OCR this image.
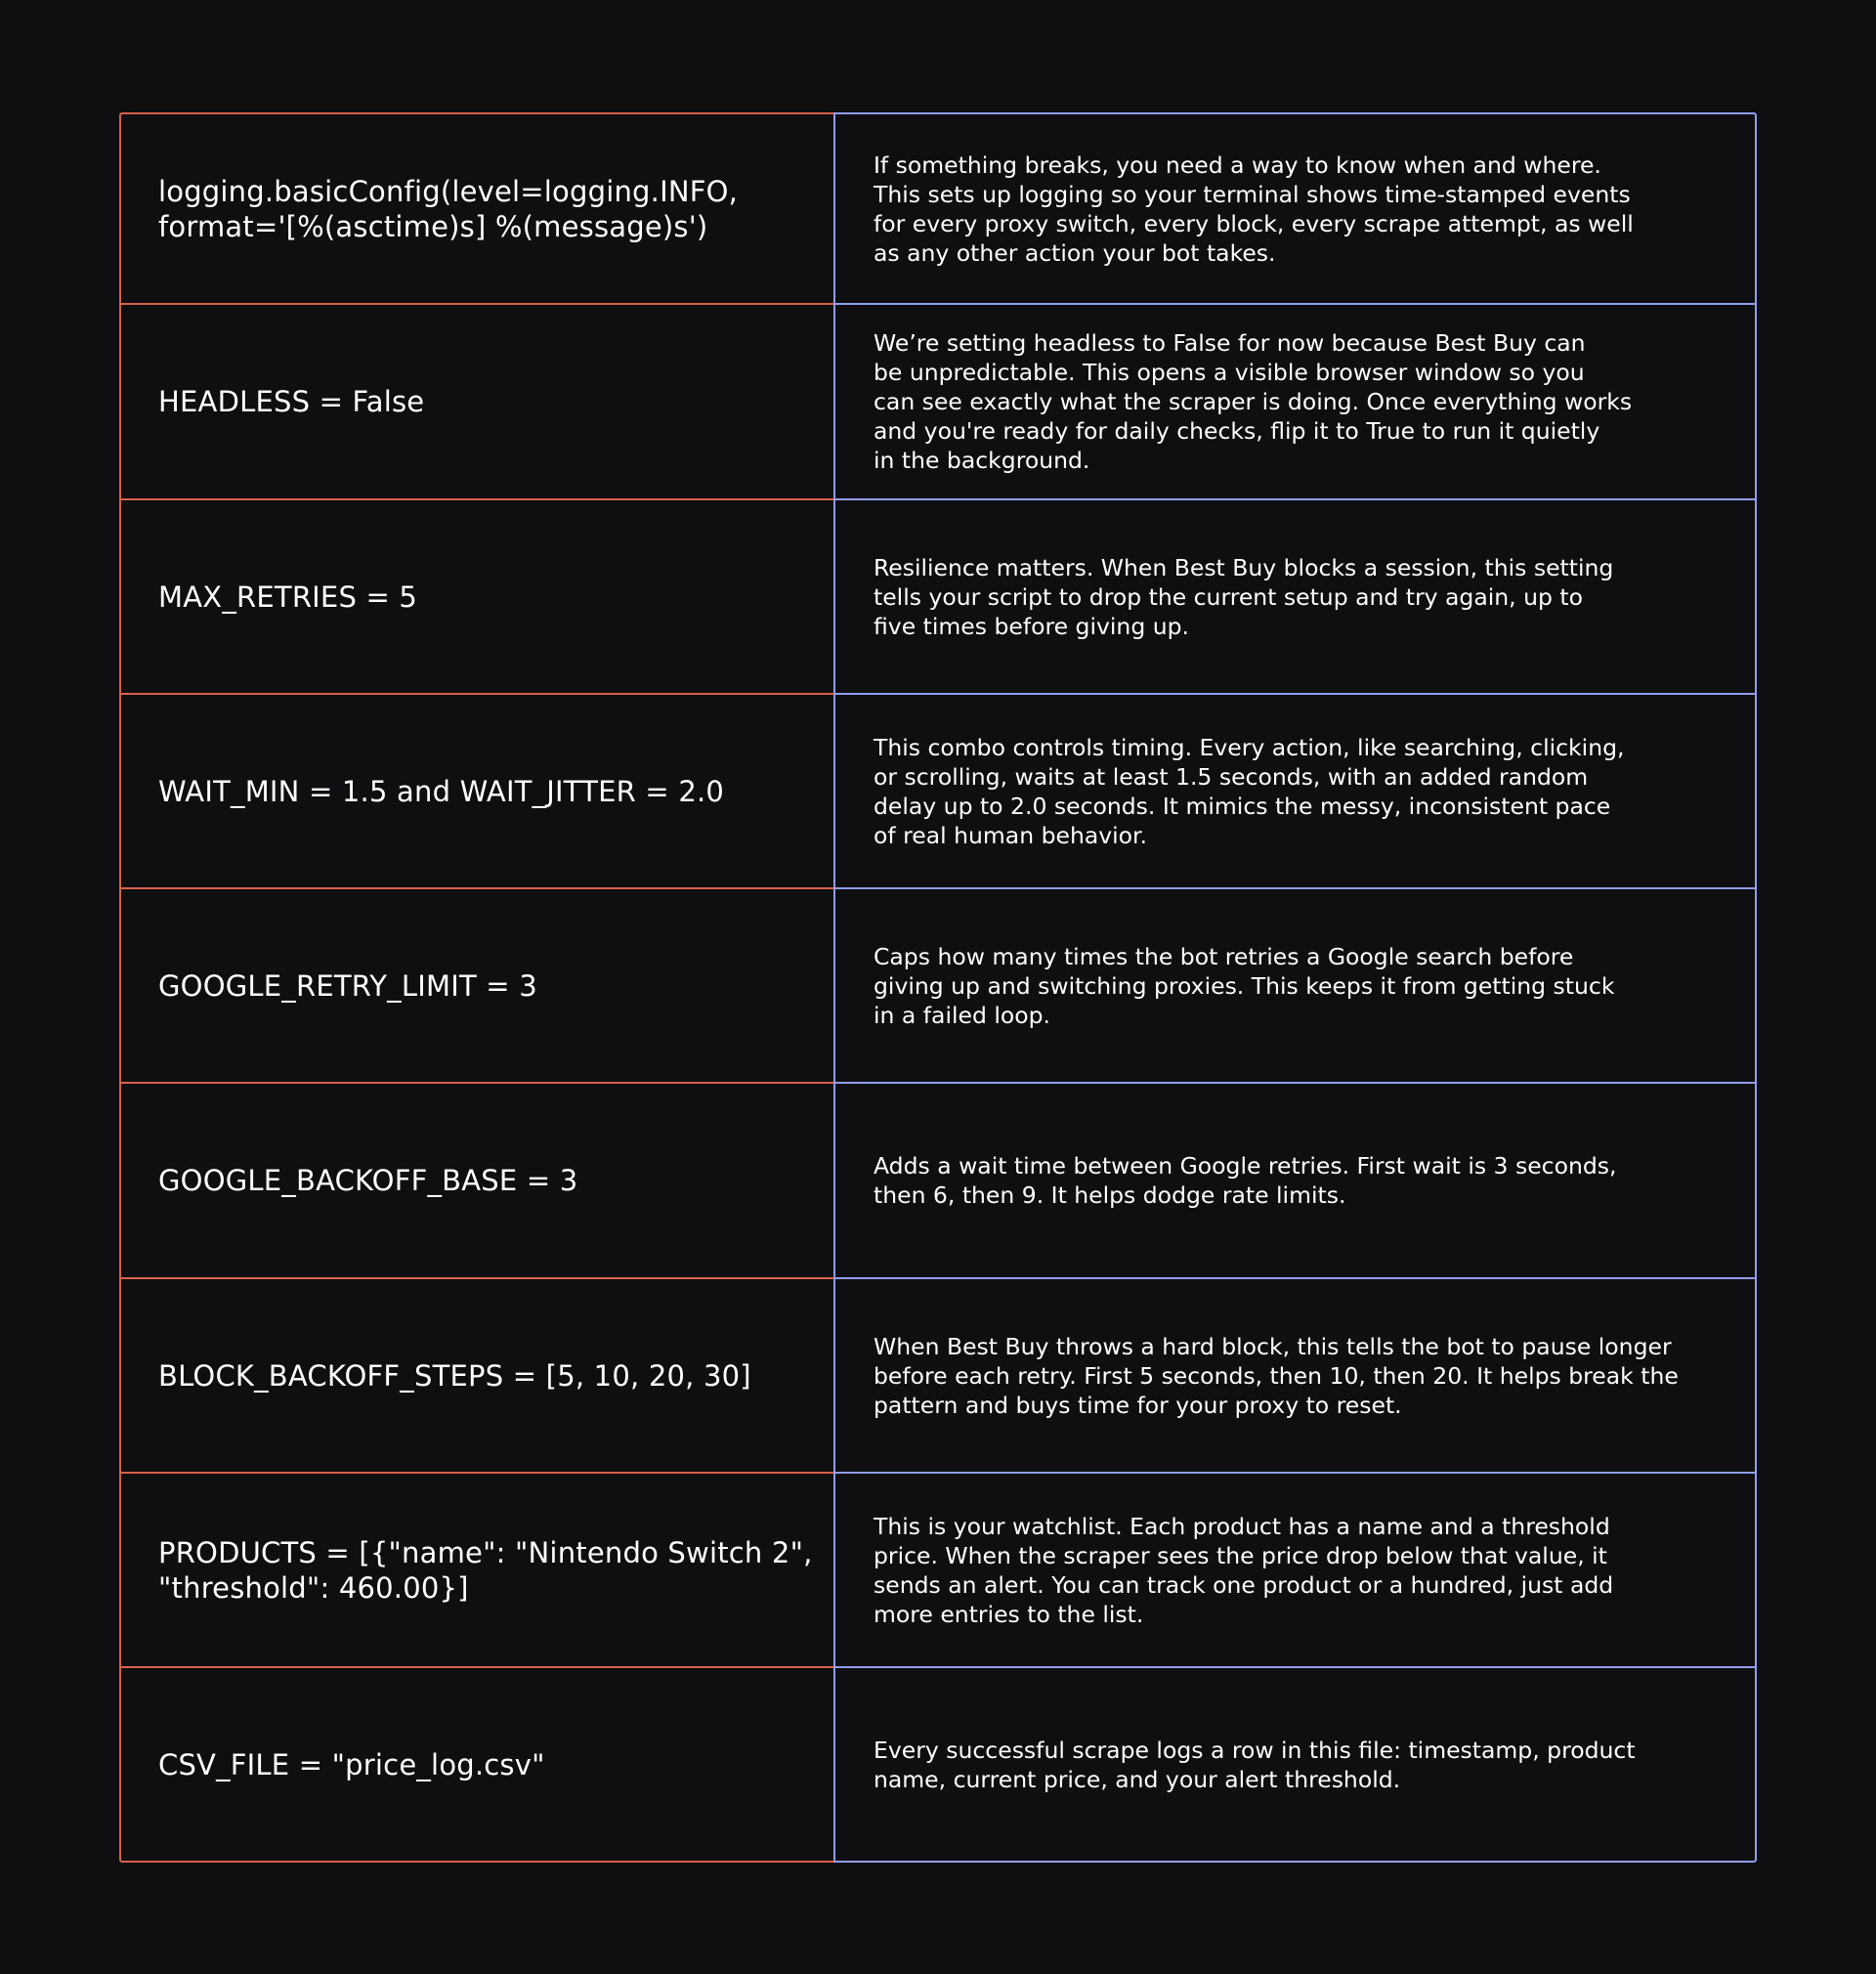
logging.basicConfig(level=logging.INFO,
format='[%(asctime)s] %(message)s')
If something breaks, you need a way to know when and where.
This sets up logging so your terminal shows time-stamped events
for every proxy switch, every block, every scrape attempt, as well
as any other action your bot takes.
HEADLESS = False
We’re setting headless to False for now because Best Buy can
be unpredictable. This opens a visible browser window so you
can see exactly what the scraper is doing. Once everything works
and you're ready for daily checks, flip it to True to run it quietly
in the background.
MAX_RETRIES = 5
Resilience matters. When Best Buy blocks a session, this setting
tells your script to drop the current setup and try again, up to
five times before giving up.
WAIT_MIN = 1.5 and WAIT_JITTER = 2.0
This combo controls timing. Every action, like searching, clicking,
or scrolling, waits at least 1.5 seconds, with an added random
delay up to 2.0 seconds. It mimics the messy, inconsistent pace
of real human behavior.
GOOGLE_RETRY_LIMIT = 3
Caps how many times the bot retries a Google search before
giving up and switching proxies. This keeps it from getting stuck
in a failed loop.
GOOGLE_BACKOFF_BASE = 3	Adds a wait time between Google retries. First wait is 3 seconds,
then 6, then 9. It helps dodge rate limits.
BLOCK_BACKOFF_STEPS = [5, 10, 20, 30]
When Best Buy throws a hard block, this tells the bot to pause longer
before each retry. First 5 seconds, then 10, then 20. It helps break the
pattern and buys time for your proxy to reset.
PRODUCTS = [{"name": "Nintendo Switch 2",
"threshold": 460.00}]
This is your watchlist. Each product has a name and a threshold
price. When the scraper sees the price drop below that value, it
sends an alert. You can track one product or a hundred, just add
more entries to the list.
CSV_FILE = "price_log.csv"	Every successful scrape logs a row in this file: timestamp, product
name, current price, and your alert threshold.
